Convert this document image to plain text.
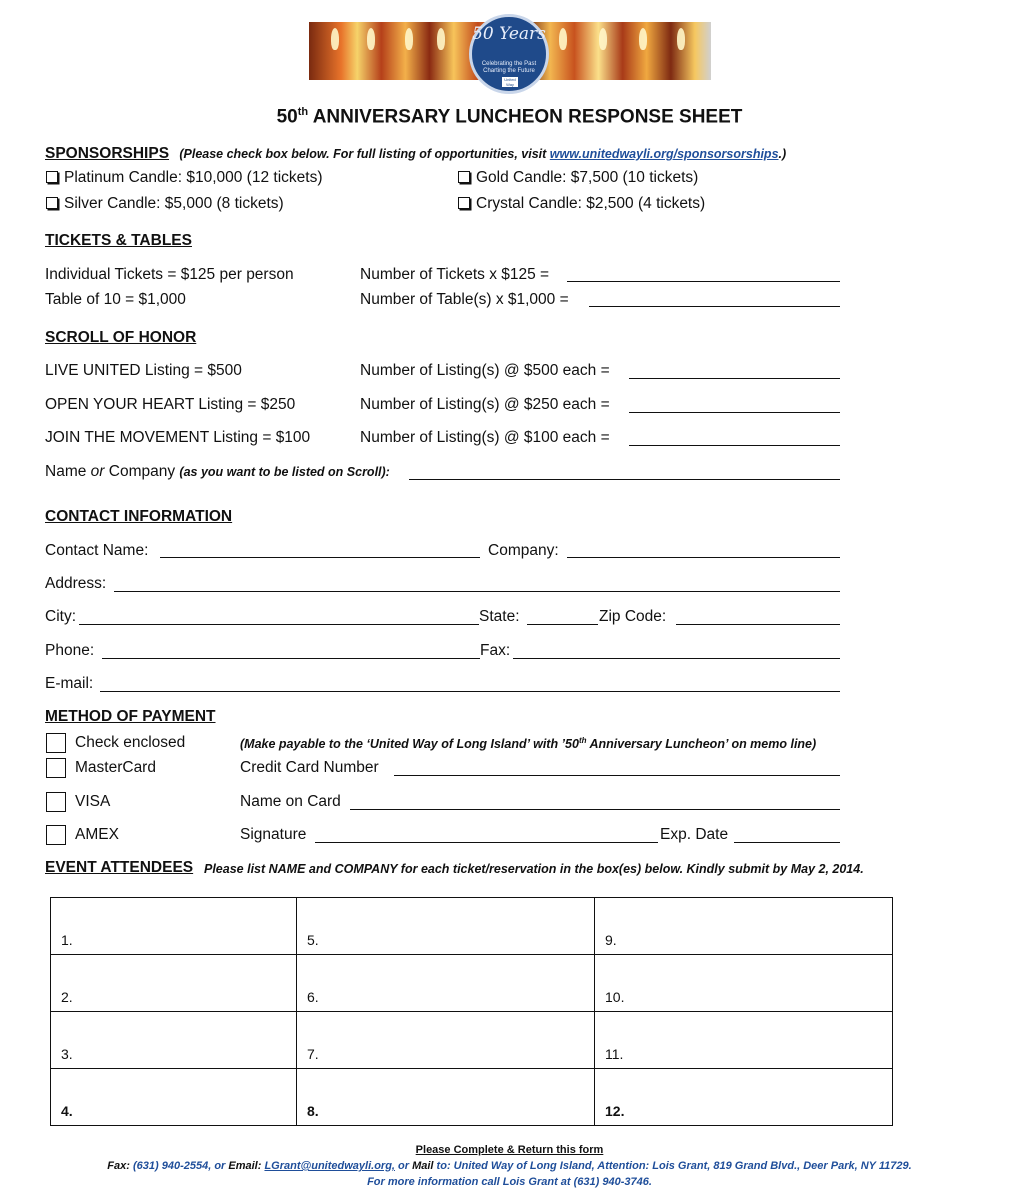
50 Years
Celebrating the Past Charting the Future
United Way
50th ANNIVERSARY LUNCHEON RESPONSE SHEET
SPONSORSHIPS (Please check box below. For full listing of opportunities, visit www.unitedwayli.org/sponsorsorships.)
Platinum Candle: $10,000 (12 tickets)	Gold Candle: $7,500 (10 tickets)
Silver Candle: $5,000 (8 tickets)	Crystal Candle: $2,500 (4 tickets)
TICKETS & TABLES
Individual Tickets = $125 per person	Number of Tickets x $125 =
Table of 10 = $1,000	Number of Table(s) x $1,000 =
SCROLL OF HONOR
LIVE UNITED Listing = $500	Number of Listing(s) @ $500 each =
OPEN YOUR HEART Listing = $250	Number of Listing(s) @ $250 each =
JOIN THE MOVEMENT Listing = $100	Number of Listing(s) @ $100 each =
Name or Company (as you want to be listed on Scroll):
CONTACT INFORMATION
Contact Name:	Company:
Address:
City:	State:	Zip Code:
Phone:	Fax:
E-mail:
METHOD OF PAYMENT
Check enclosed	(Make payable to the ‘United Way of Long Island’ with ’50th Anniversary Luncheon’ on memo line)
MasterCard	Credit Card Number
VISA	Name on Card
AMEX	Signature	Exp. Date
EVENT ATTENDEES Please list NAME and COMPANY for each ticket/reservation in the box(es) below. Kindly submit by May 2, 2014.
1.	5.	9.
2.	6.	10.
3.	7.	11.
4.	8.	12.
Please Complete & Return this form
Fax: (631) 940-2554, or Email: LGrant@unitedwayli.org, or Mail to: United Way of Long Island, Attention: Lois Grant, 819 Grand Blvd., Deer Park, NY 11729.
For more information call Lois Grant at (631) 940-3746.
